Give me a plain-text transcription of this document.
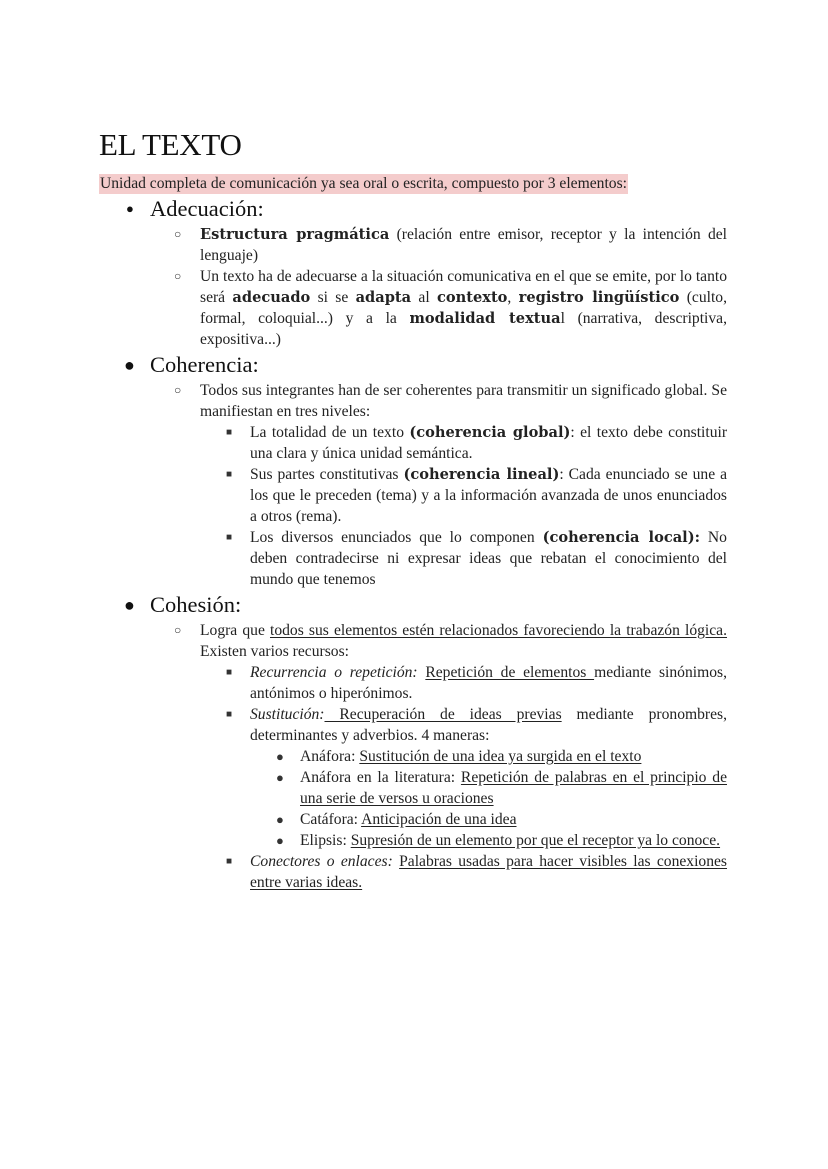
EL TEXTO
Unidad completa de comunicación ya sea oral o escrita, compuesto por 3 elementos:
● Adecuación:
○ Estructura pragmática (relación entre emisor, receptor y la intención del lenguaje)
○ Un texto ha de adecuarse a la situación comunicativa en el que se emite, por lo tanto será adecuado si se adapta al contexto, registro lingüístico (culto, formal, coloquial...) y a la modalidad textual (narrativa, descriptiva, expositiva...)
● Coherencia:
○ Todos sus integrantes han de ser coherentes para transmitir un significado global. Se manifiestan en tres niveles:
■ La totalidad de un texto (coherencia global): el texto debe constituir una clara y única unidad semántica.
■ Sus partes constitutivas (coherencia lineal): Cada enunciado se une a los que le preceden (tema) y a la información avanzada de unos enunciados a otros (rema).
■ Los diversos enunciados que lo componen (coherencia local): No deben contradecirse ni expresar ideas que rebatan el conocimiento del mundo que tenemos
● Cohesión:
○ Logra que todos sus elementos estén relacionados favoreciendo la trabazón lógica. Existen varios recursos:
■ Recurrencia o repetición: Repetición de elementos mediante sinónimos, antónimos o hiperónimos.
■ Sustitución: Recuperación de ideas previas mediante pronombres, determinantes y adverbios. 4 maneras:
● Anáfora: Sustitución de una idea ya surgida en el texto
● Anáfora en la literatura: Repetición de palabras en el principio de una serie de versos u oraciones
● Catáfora: Anticipación de una idea
● Elipsis: Supresión de un elemento por que el receptor ya lo conoce.
■ Conectores o enlaces: Palabras usadas para hacer visibles las conexiones entre varias ideas.
